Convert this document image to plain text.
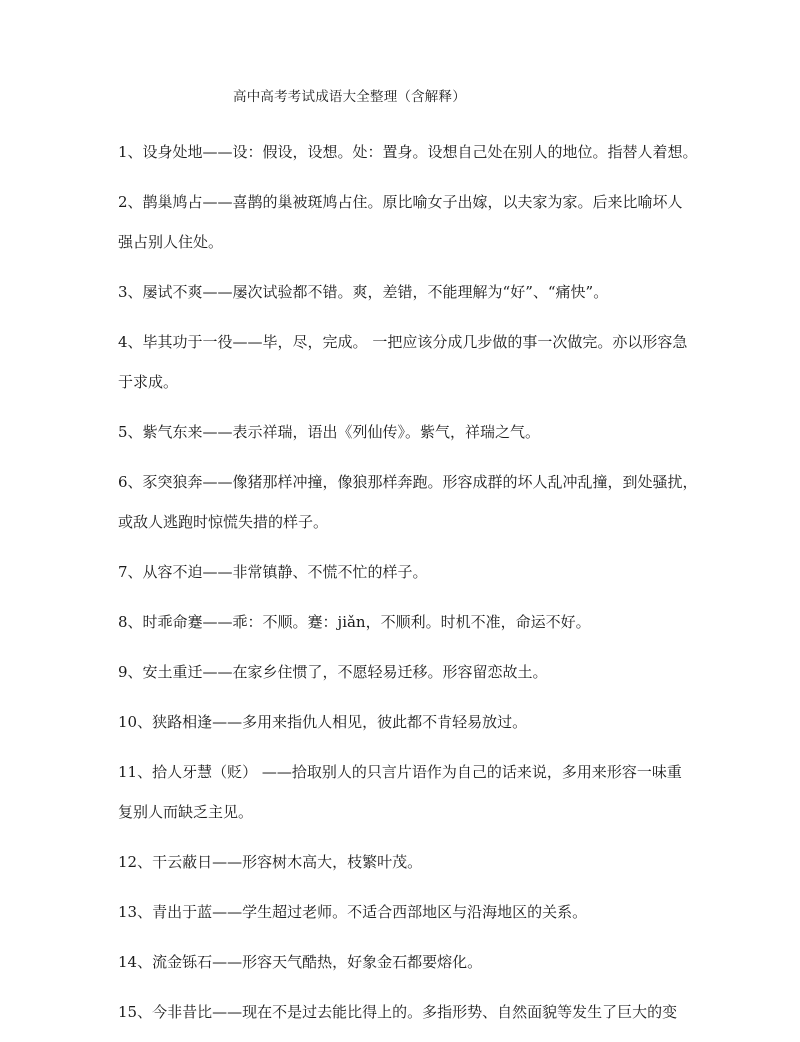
高中高考考试成语大全整理（含解释）
1、设身处地——设：假设，设想。处：置身。设想自己处在别人的地位。指替人着想。
2、鹊巢鸠占——喜鹊的巢被斑鸠占住。原比喻女子出嫁，以夫家为家。后来比喻坏人
强占别人住处。
3、屡试不爽——屡次试验都不错。爽，差错，不能理解为“好”、“痛快”。
4、毕其功于一役——毕，尽，完成。 一把应该分成几步做的事一次做完。亦以形容急
于求成。
5、紫气东来——表示祥瑞，语出《列仙传》。紫气，祥瑞之气。
6、豕突狼奔——像猪那样冲撞，像狼那样奔跑。形容成群的坏人乱冲乱撞，到处骚扰，
或敌人逃跑时惊慌失措的样子。
7、从容不迫——非常镇静、不慌不忙的样子。
8、时乖命蹇——乖：不顺。蹇：jiǎn，不顺利。时机不准，命运不好。
9、安土重迁——在家乡住惯了，不愿轻易迁移。形容留恋故土。
10、狭路相逢——多用来指仇人相见，彼此都不肯轻易放过。
11、拾人牙慧（贬） ——拾取别人的只言片语作为自己的话来说，多用来形容一味重
复别人而缺乏主见。
12、干云蔽日——形容树木高大，枝繁叶茂。
13、青出于蓝——学生超过老师。不适合西部地区与沿海地区的关系。
14、流金铄石——形容天气酷热，好象金石都要熔化。
15、今非昔比——现在不是过去能比得上的。多指形势、自然面貌等发生了巨大的变
